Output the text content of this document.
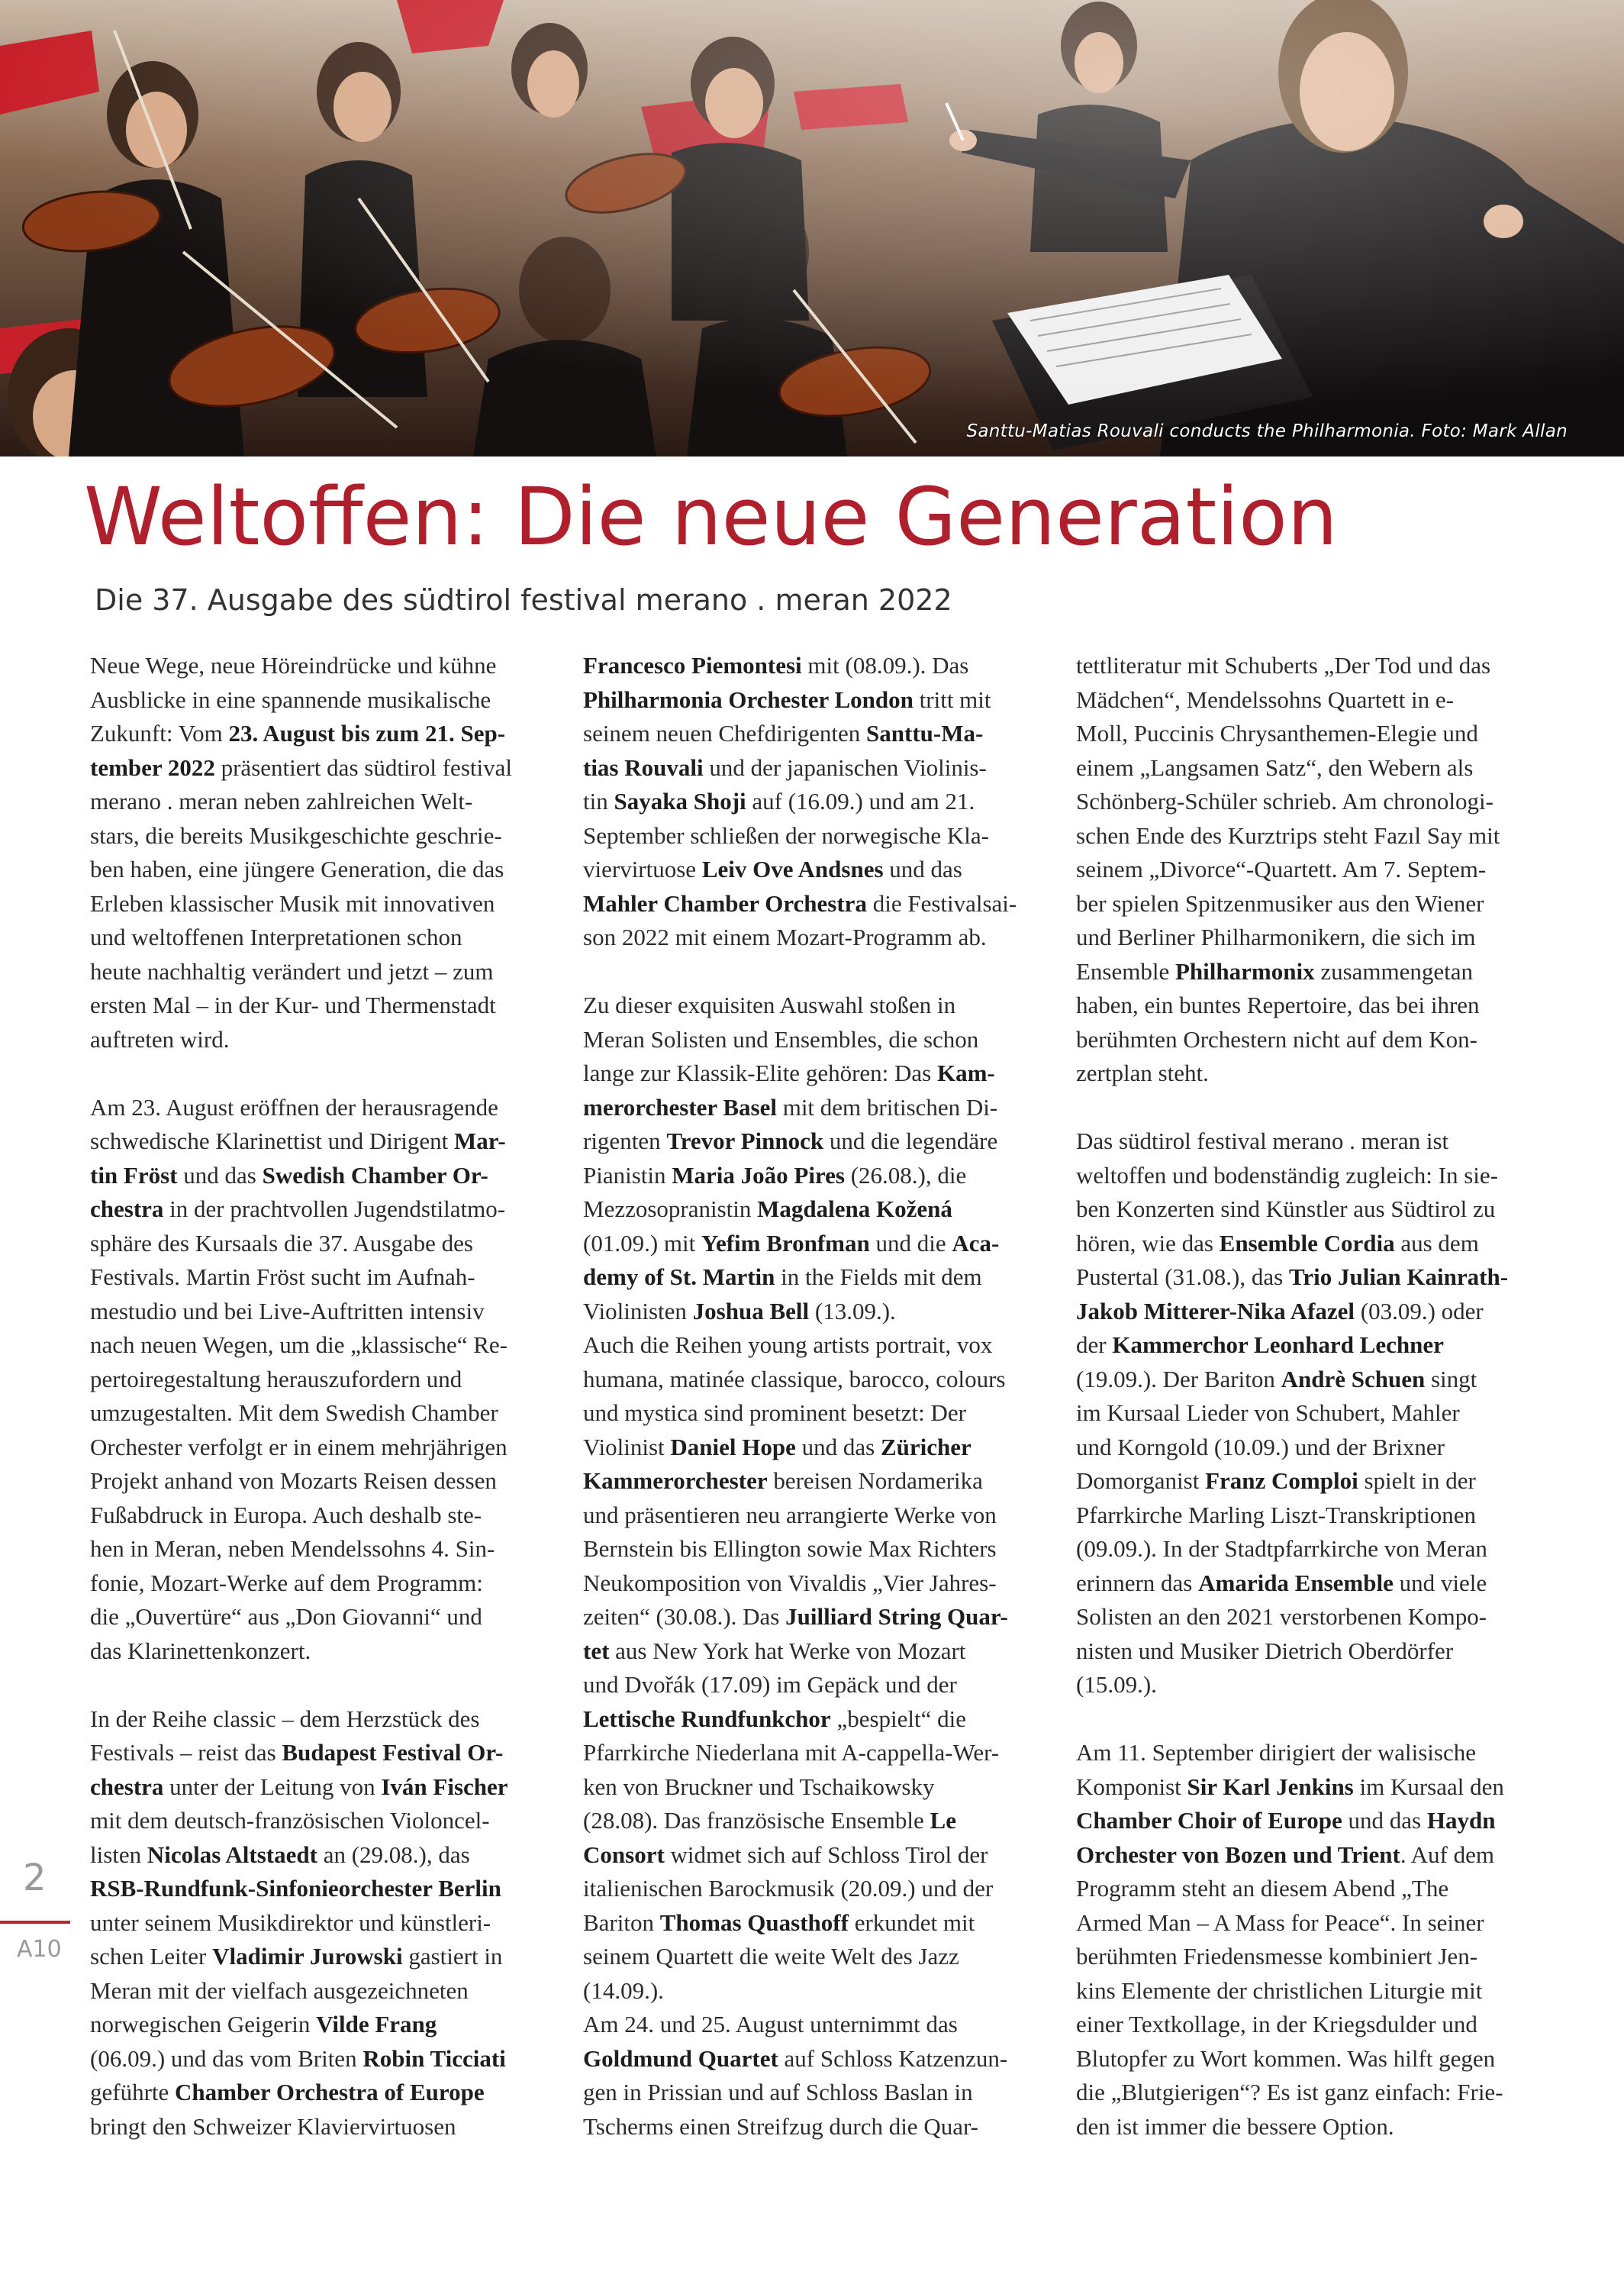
Santtu-Matias Rouvali conducts the Philharmonia. Foto: Mark Allan
Weltoffen: Die neue Generation
Die 37. Ausgabe des südtirol festival merano . meran 2022

Neue Wege, neue Höreindrücke und kühne
Ausblicke in eine spannende musikalische
Zukunft: Vom 23. August bis zum 21. Sep-
tember 2022 präsentiert das südtirol festival
merano . meran neben zahlreichen Welt-
stars, die bereits Musikgeschichte geschrie-
ben haben, eine jüngere Generation, die das
Erleben klassischer Musik mit innovativen
und weltoffenen Interpretationen schon
heute nachhaltig verändert und jetzt – zum
ersten Mal – in der Kur- und Thermenstadt
auftreten wird.

Am 23. August eröffnen der herausragende
schwedische Klarinettist und Dirigent Mar-
tin Fröst und das Swedish Chamber Or-
chestra in der prachtvollen Jugendstilatmo-
sphäre des Kursaals die 37. Ausgabe des
Festivals. Martin Fröst sucht im Aufnah-
mestudio und bei Live-Auftritten intensiv
nach neuen Wegen, um die „klassische“ Re-
pertoiregestaltung herauszufordern und
umzugestalten. Mit dem Swedish Chamber
Orchester verfolgt er in einem mehrjährigen
Projekt anhand von Mozarts Reisen dessen
Fußabdruck in Europa. Auch deshalb ste-
hen in Meran, neben Mendelssohns 4. Sin-
fonie, Mozart-Werke auf dem Programm:
die „Ouvertüre“ aus „Don Giovanni“ und
das Klarinettenkonzert.

In der Reihe classic – dem Herzstück des
Festivals – reist das Budapest Festival Or-
chestra unter der Leitung von Iván Fischer
mit dem deutsch-französischen Violoncel-
listen Nicolas Altstaedt an (29.08.), das
RSB-Rundfunk-Sinfonieorchester Berlin
unter seinem Musikdirektor und künstleri-
schen Leiter Vladimir Jurowski gastiert in
Meran mit der vielfach ausgezeichneten
norwegischen Geigerin Vilde Frang
(06.09.) und das vom Briten Robin Ticciati
geführte Chamber Orchestra of Europe
bringt den Schweizer Klaviervirtuosen

Francesco Piemontesi mit (08.09.). Das
Philharmonia Orchester London tritt mit
seinem neuen Chefdirigenten Santtu-Ma-
tias Rouvali und der japanischen Violinis-
tin Sayaka Shoji auf (16.09.) und am 21.
September schließen der norwegische Kla-
viervirtuose Leiv Ove Andsnes und das
Mahler Chamber Orchestra die Festivalsai-
son 2022 mit einem Mozart-Programm ab.

Zu dieser exquisiten Auswahl stoßen in
Meran Solisten und Ensembles, die schon
lange zur Klassik-Elite gehören: Das Kam-
merorchester Basel mit dem britischen Di-
rigenten Trevor Pinnock und die legendäre
Pianistin Maria João Pires (26.08.), die
Mezzosopranistin Magdalena Kožená
(01.09.) mit Yefim Bronfman und die Aca-
demy of St. Martin in the Fields mit dem
Violinisten Joshua Bell (13.09.).
Auch die Reihen young artists portrait, vox
humana, matinée classique, barocco, colours
und mystica sind prominent besetzt: Der
Violinist Daniel Hope und das Züricher
Kammerorchester bereisen Nordamerika
und präsentieren neu arrangierte Werke von
Bernstein bis Ellington sowie Max Richters
Neukomposition von Vivaldis „Vier Jahres-
zeiten“ (30.08.). Das Juilliard String Quar-
tet aus New York hat Werke von Mozart
und Dvořák (17.09) im Gepäck und der
Lettische Rundfunkchor „bespielt“ die
Pfarrkirche Niederlana mit A-cappella-Wer-
ken von Bruckner und Tschaikowsky
(28.08). Das französische Ensemble Le
Consort widmet sich auf Schloss Tirol der
italienischen Barockmusik (20.09.) und der
Bariton Thomas Quasthoff erkundet mit
seinem Quartett die weite Welt des Jazz
(14.09.).
Am 24. und 25. August unternimmt das
Goldmund Quartet auf Schloss Katzenzun-
gen in Prissian und auf Schloss Baslan in
Tscherms einen Streifzug durch die Quar-

tettliteratur mit Schuberts „Der Tod und das
Mädchen“, Mendelssohns Quartett in e-
Moll, Puccinis Chrysanthemen-Elegie und
einem „Langsamen Satz“, den Webern als
Schönberg-Schüler schrieb. Am chronologi-
schen Ende des Kurztrips steht Fazıl Say mit
seinem „Divorce“-Quartett. Am 7. Septem-
ber spielen Spitzenmusiker aus den Wiener
und Berliner Philharmonikern, die sich im
Ensemble Philharmonix zusammengetan
haben, ein buntes Repertoire, das bei ihren
berühmten Orchestern nicht auf dem Kon-
zertplan steht.

Das südtirol festival merano . meran ist
weltoffen und bodenständig zugleich: In sie-
ben Konzerten sind Künstler aus Südtirol zu
hören, wie das Ensemble Cordia aus dem
Pustertal (31.08.), das Trio Julian Kainrath-
Jakob Mitterer-Nika Afazel (03.09.) oder
der Kammerchor Leonhard Lechner
(19.09.). Der Bariton Andrè Schuen singt
im Kursaal Lieder von Schubert, Mahler
und Korngold (10.09.) und der Brixner
Domorganist Franz Comploi spielt in der
Pfarrkirche Marling Liszt-Transkriptionen
(09.09.). In der Stadtpfarrkirche von Meran
erinnern das Amarida Ensemble und viele
Solisten an den 2021 verstorbenen Kompo-
nisten und Musiker Dietrich Oberdörfer
(15.09.).

Am 11. September dirigiert der walisische
Komponist Sir Karl Jenkins im Kursaal den
Chamber Choir of Europe und das Haydn
Orchester von Bozen und Trient. Auf dem
Programm steht an diesem Abend „The
Armed Man – A Mass for Peace“. In seiner
berühmten Friedensmesse kombiniert Jen-
kins Elemente der christlichen Liturgie mit
einer Textkollage, in der Kriegsdulder und
Blutopfer zu Wort kommen. Was hilft gegen
die „Blutgierigen“? Es ist ganz einfach: Frie-
den ist immer die bessere Option.

2
A10
